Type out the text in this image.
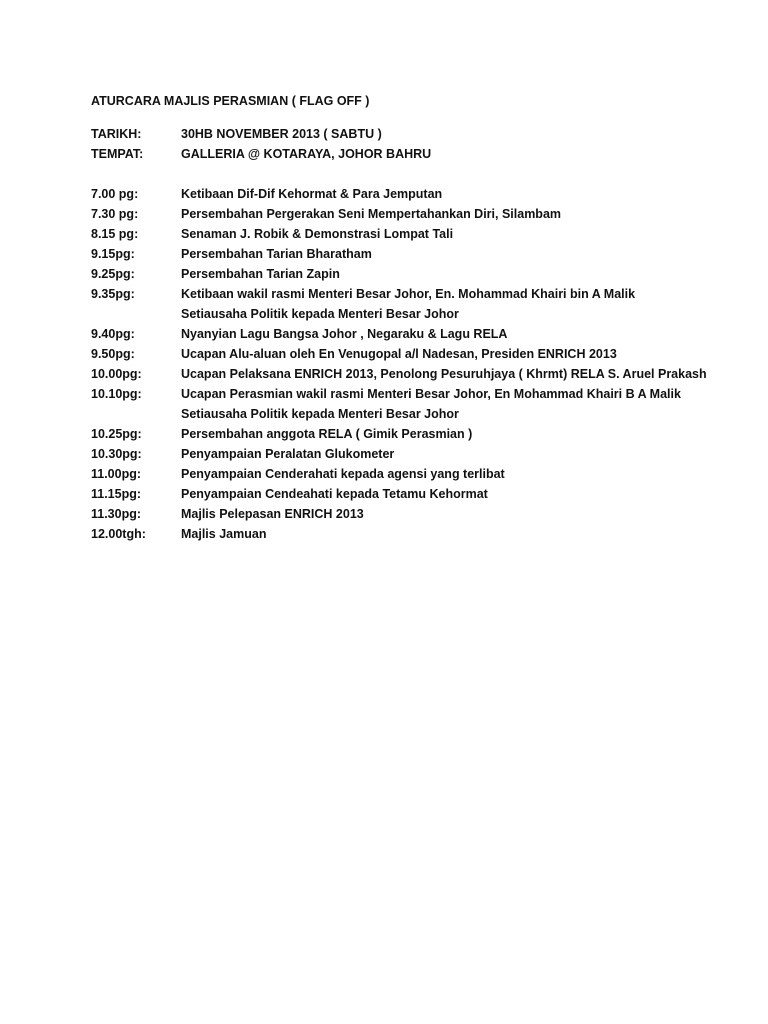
ATURCARA MAJLIS PERASMIAN ( FLAG OFF )
TARIKH:	30HB NOVEMBER 2013 ( SABTU )
TEMPAT:	GALLERIA @ KOTARAYA, JOHOR BAHRU
7.00 pg:	Ketibaan Dif-Dif Kehormat & Para Jemputan
7.30 pg:	Persembahan Pergerakan Seni Mempertahankan Diri, Silambam
8.15 pg:	Senaman J. Robik & Demonstrasi Lompat Tali
9.15pg:	Persembahan Tarian Bharatham
9.25pg:	Persembahan Tarian Zapin
9.35pg:	Ketibaan wakil rasmi Menteri Besar Johor, En. Mohammad Khairi bin A Malik
Setiausaha Politik kepada Menteri Besar Johor
9.40pg:	Nyanyian Lagu Bangsa Johor , Negaraku & Lagu RELA
9.50pg:	Ucapan Alu-aluan oleh En Venugopal a/l Nadesan, Presiden ENRICH 2013
10.00pg:	Ucapan Pelaksana ENRICH 2013, Penolong Pesuruhjaya ( Khrmt) RELA S. Aruel Prakash
10.10pg:	Ucapan Perasmian wakil rasmi Menteri Besar Johor, En Mohammad Khairi B A Malik
Setiausaha Politik kepada Menteri Besar Johor
10.25pg:	Persembahan anggota RELA ( Gimik Perasmian )
10.30pg:	Penyampaian Peralatan Glukometer
11.00pg:	Penyampaian Cenderahati kepada agensi yang terlibat
11.15pg:	Penyampaian Cendeahati kepada Tetamu Kehormat
11.30pg:	Majlis Pelepasan ENRICH 2013
12.00tgh:	Majlis Jamuan
